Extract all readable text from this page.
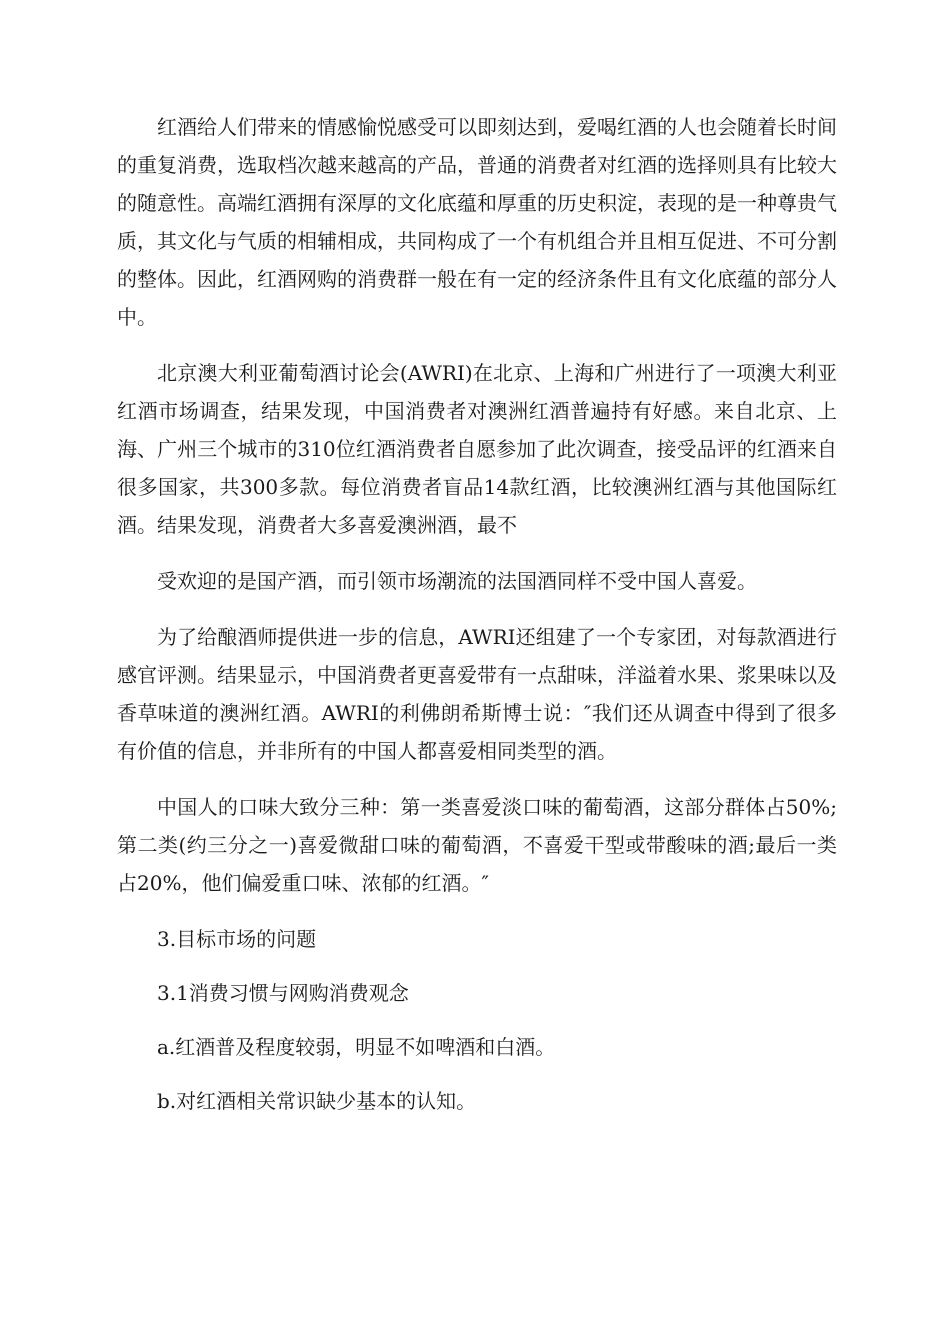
红酒给人们带来的情感愉悦感受可以即刻达到，爱喝红酒的人也会随着长时间的重复消费，选取档次越来越高的产品，普通的消费者对红酒的选择则具有比较大的随意性。高端红酒拥有深厚的文化底蕴和厚重的历史积淀，表现的是一种尊贵气质，其文化与气质的相辅相成，共同构成了一个有机组合并且相互促进、不可分割的整体。因此，红酒网购的消费群一般在有一定的经济条件且有文化底蕴的部分人中。

北京澳大利亚葡萄酒讨论会(AWRI)在北京、上海和广州进行了一项澳大利亚红酒市场调查，结果发现，中国消费者对澳洲红酒普遍持有好感。来自北京、上海、广州三个城市的310位红酒消费者自愿参加了此次调查，接受品评的红酒来自很多国家，共300多款。每位消费者盲品14款红酒，比较澳洲红酒与其他国际红酒。结果发现，消费者大多喜爱澳洲酒，最不

受欢迎的是国产酒，而引领市场潮流的法国酒同样不受中国人喜爱。

为了给酿酒师提供进一步的信息，AWRI还组建了一个专家团，对每款酒进行感官评测。结果显示，中国消费者更喜爱带有一点甜味，洋溢着水果、浆果味以及香草味道的澳洲红酒。AWRI的利佛朗希斯博士说：″我们还从调查中得到了很多有价值的信息，并非所有的中国人都喜爱相同类型的酒。

中国人的口味大致分三种：第一类喜爱淡口味的葡萄酒，这部分群体占50%;第二类(约三分之一)喜爱微甜口味的葡萄酒，不喜爱干型或带酸味的酒;最后一类占20%，他们偏爱重口味、浓郁的红酒。″

3.目标市场的问题
3.1消费习惯与网购消费观念
a.红酒普及程度较弱，明显不如啤酒和白酒。
b.对红酒相关常识缺少基本的认知。
